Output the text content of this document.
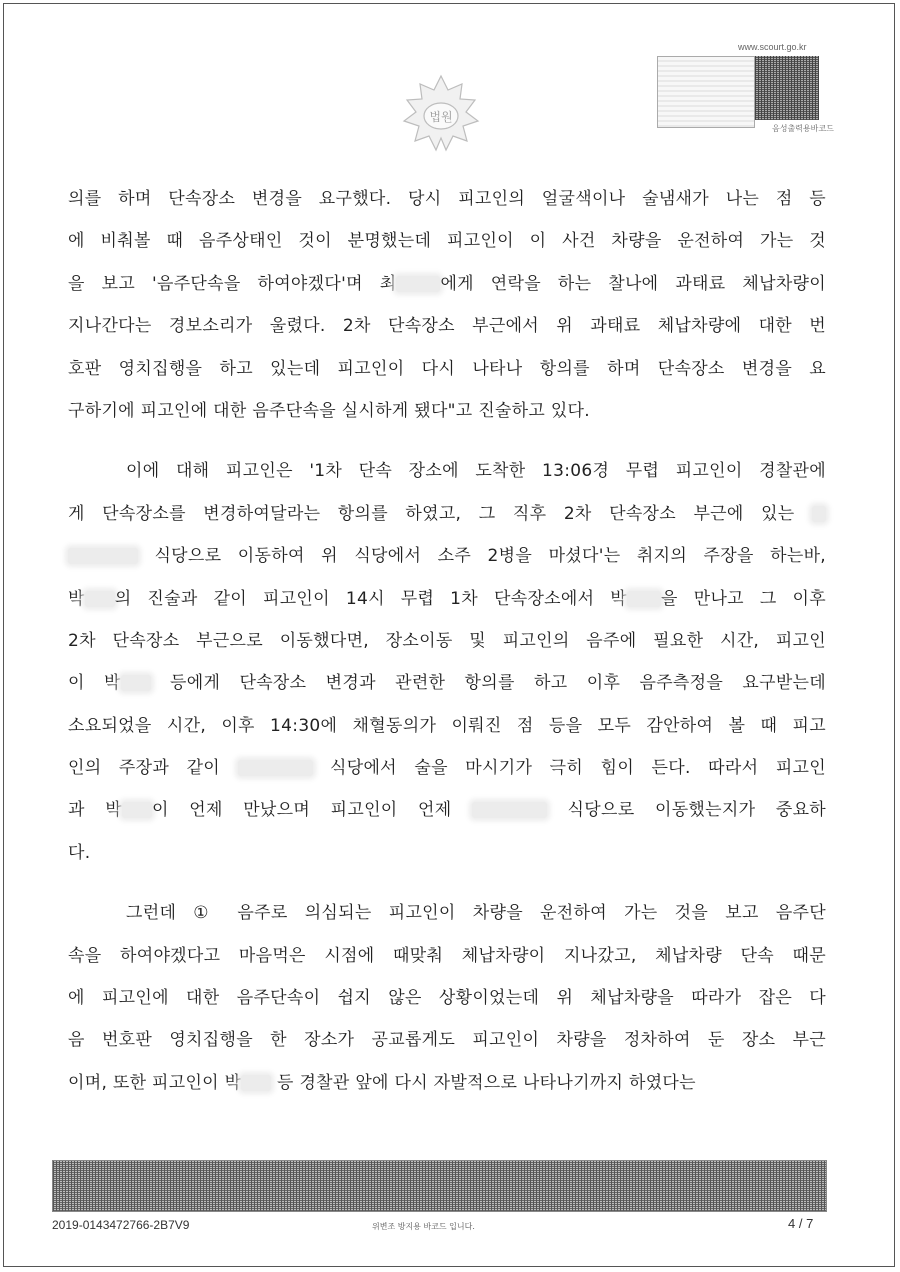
법원
www.scourt.go.kr
음성출력용바코드
의를 하며 단속장소 변경을 요구했다. 당시 피고인의 얼굴색이나 술냄새가 나는 점 등
에 비춰볼 때 음주상태인 것이 분명했는데 피고인이 이 사건 차량을 운전하여 가는 것
을 보고 '음주단속을 하여야겠다'며 최	에게 연락을 하는 찰나에 과태료 체납차량이
지나간다는 경보소리가 울렸다. 2차 단속장소 부근에서 위 과태료 체납차량에 대한 번
호판 영치집행을 하고 있는데 피고인이 다시 나타나 항의를 하며 단속장소 변경을 요
구하기에 피고인에 대한 음주단속을 실시하게 됐다"고 진술하고 있다.
이에 대해 피고인은 '1차 단속 장소에 도착한 13:06경 무렵 피고인이 경찰관에
게 단속장소를 변경하여달라는 항의를 하였고, 그 직후 2차 단속장소 부근에 있는
식당으로 이동하여 위 식당에서 소주 2병을 마셨다'는 취지의 주장을 하는바,
박 의 진술과 같이 피고인이 14시 무렵 1차 단속장소에서 박 을 만나고 그 이후
2차 단속장소 부근으로 이동했다면, 장소이동 및 피고인의 음주에 필요한 시간, 피고인
이 박 등에게 단속장소 변경과 관련한 항의를 하고 이후 음주측정을 요구받는데
소요되었을 시간, 이후 14:30에 채혈동의가 이뤄진 점 등을 모두 감안하여 볼 때 피고
인의 주장과 같이	식당에서 술을 마시기가 극히 힘이 든다. 따라서 피고인
과 박 이 언제 만났으며 피고인이 언제	식당으로 이동했는지가 중요하
다.
그런데 ① 음주로 의심되는 피고인이 차량을 운전하여 가는 것을 보고 음주단
속을 하여야겠다고 마음먹은 시점에 때맞춰 체납차량이 지나갔고, 체납차량 단속 때문
에 피고인에 대한 음주단속이 쉽지 않은 상황이었는데 위 체납차량을 따라가 잡은 다
음 번호판 영치집행을 한 장소가 공교롭게도 피고인이 차량을 정차하여 둔 장소 부근
이며, 또한 피고인이 박 등 경찰관 앞에 다시 자발적으로 나타나기까지 하였다는
2019-0143472766-2B7V9	위변조 방지용 바코드 입니다.	4 / 7
